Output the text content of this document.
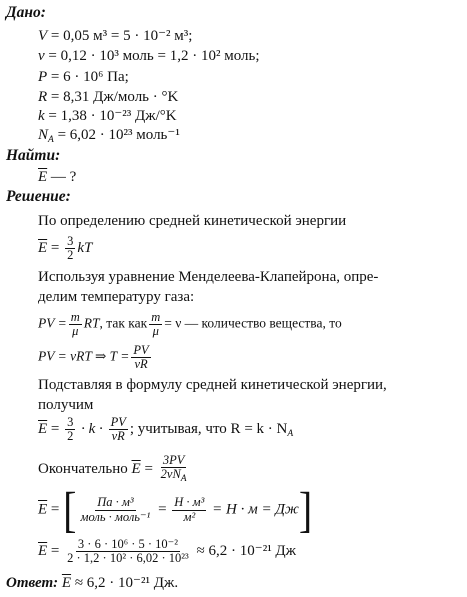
Дано:
V = 0,05 м³ = 5 · 10⁻² м³;
ν = 0,12 · 10³ моль = 1,2 · 10² моль;
P = 6 · 10⁶ Па;
R = 8,31 Дж/моль · °K
k = 1,38 · 10⁻²³ Дж/°K
$N_A = 6,02 \cdot 10^{23}$ моль⁻¹
Найти:
$\overline{E}$ — ?
Решение:
По определению средней кинетической энергии
$\overline{E} = \frac{3}{2}$ kT
Используя уравнение Менделеева-Клапейрона, опре-
делим температуру газа:
PV = $\frac{m}{\mu}$ RT, так как $\frac{m}{\mu} = \nu$ — количество вещества, то
PV = νRT ⇒ $T = \frac{PV}{\nu R}$
Подставляя в формулу средней кинетической энергии,
получим
$\overline{E} = \frac{3}{2} \cdot k \cdot \frac{PV}{\nu R}$ ; учитывая, что $R = k \cdot N_A$
Окончательно $\overline{E} = \frac{3PV}{2\nu N_A}$
$\overline{E}$ = [ $\frac{\text{Па · м³}}{\text{моль · моль⁻¹}} = \frac{\text{Н · м³}}{\text{м²}} = Н \cdot м = Дж$]
$\overline{E} = \frac{\text{3 · 6 · 10⁶ · 5 · 10⁻²}}{\text{2 · 1,2 · 10² · 6,02 · 10²³}} \approx 6,2 \cdot 10^{-21}$ Дж
Ответ: $\overline{E} \approx 6,2 \cdot 10^{-21}$ Дж.
